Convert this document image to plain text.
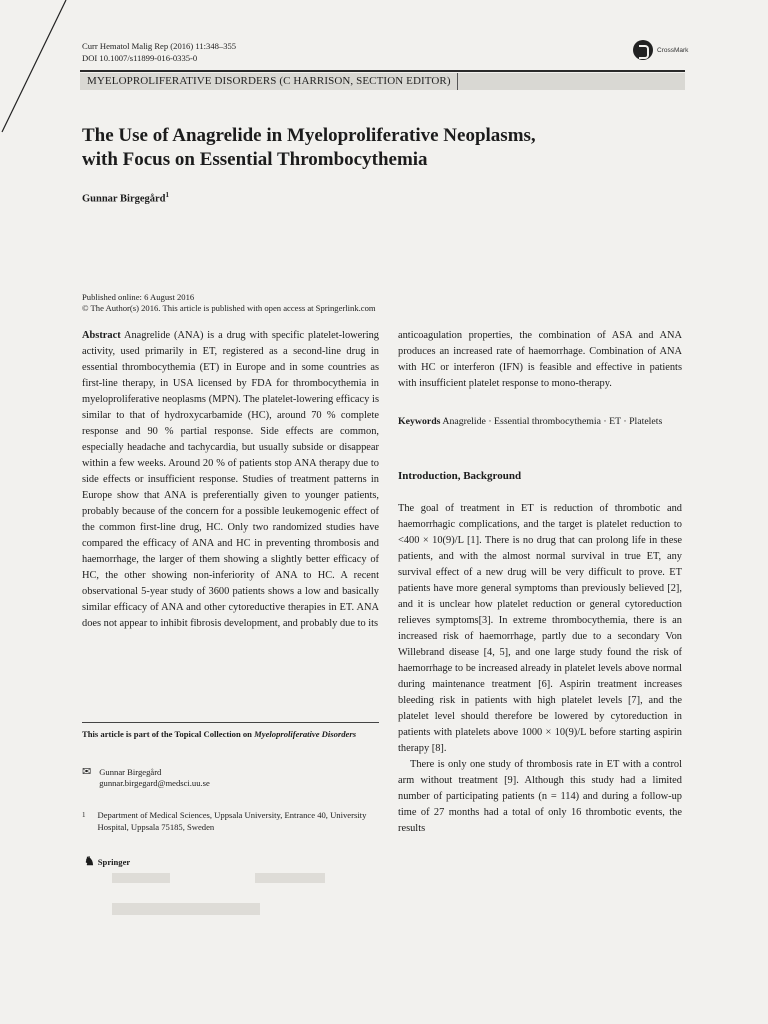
Curr Hematol Malig Rep (2016) 11:348–355
DOI 10.1007/s11899-016-0335-0
CrossMark
MYELOPROLIFERATIVE DISORDERS (C HARRISON, SECTION EDITOR)
The Use of Anagrelide in Myeloproliferative Neoplasms,
with Focus on Essential Thrombocythemia
Gunnar Birgegård$^1$
Published online: 6 August 2016
© The Author(s) 2016. This article is published with open access at Springerlink.com

Abstract Anagrelide (ANA) is a drug with specific platelet-lowering activity, used primarily in ET, registered as a second-line drug in essential thrombocythemia (ET) in Europe and in some countries as first-line therapy, in USA licensed by FDA for thrombocythemia in myeloproliferative neoplasms (MPN). The platelet-lowering efficacy is similar to that of hydroxycarbamide (HC), around 70 % complete response and 90 % partial response. Side effects are common, especially headache and tachycardia, but usually subside or disappear within a few weeks. Around 20 % of patients stop ANA therapy due to side effects or insufficient response. Studies of treatment patterns in Europe show that ANA is preferentially given to younger patients, probably because of the concern for a possible leukemogenic effect of the common first-line drug, HC. Only two randomized studies have compared the efficacy of ANA and HC in preventing thrombosis and haemorrhage, the larger of them showing a slightly better efficacy of HC, the other showing non-inferiority of ANA to HC. A recent observational 5-year study of 3600 patients shows a low and basically similar efficacy of ANA and other cytoreductive therapies in ET. ANA does not appear to inhibit fibrosis development, and probably due to its

anticoagulation properties, the combination of ASA and ANA produces an increased rate of haemorrhage. Combination of ANA with HC or interferon (IFN) is feasible and effective in patients with insufficient platelet response to mono-therapy.

Keywords Anagrelide · Essential thrombocythemia · ET · Platelets
Introduction, Background

The goal of treatment in ET is reduction of thrombotic and haemorrhagic complications, and the target is platelet reduction to <400 × 10(9)/L [1]. There is no drug that can prolong life in these patients, and with the almost normal survival in true ET, any survival effect of a new drug will be very difficult to prove. ET patients have more general symptoms than previously believed [2], and it is unclear how platelet reduction or general cytoreduction relieves symptoms[3]. In extreme thrombocythemia, there is an increased risk of haemorrhage, partly due to a secondary Von Willebrand disease [4, 5], and one large study found the risk of haemorrhage to be increased already in platelet levels above normal during maintenance treatment [6]. Aspirin treatment increases bleeding risk in patients with high platelet levels [7], and the platelet level should therefore be lowered by cytoreduction in patients with platelets above 1000 × 10(9)/L before starting aspirin therapy [8].

There is only one study of thrombosis rate in ET with a control arm without treatment [9]. Although this study had a limited number of participating patients (n = 114) and during a follow-up time of 27 months had a total of only 16 thrombotic events, the results

This article is part of the Topical Collection on Myeloproliferative Disorders
✉ Gunnar Birgegård
gunnar.birgegard@medsci.uu.se
1 Department of Medical Sciences, Uppsala University, Entrance 40, University Hospital, Uppsala 75185, Sweden
♞ Springer
